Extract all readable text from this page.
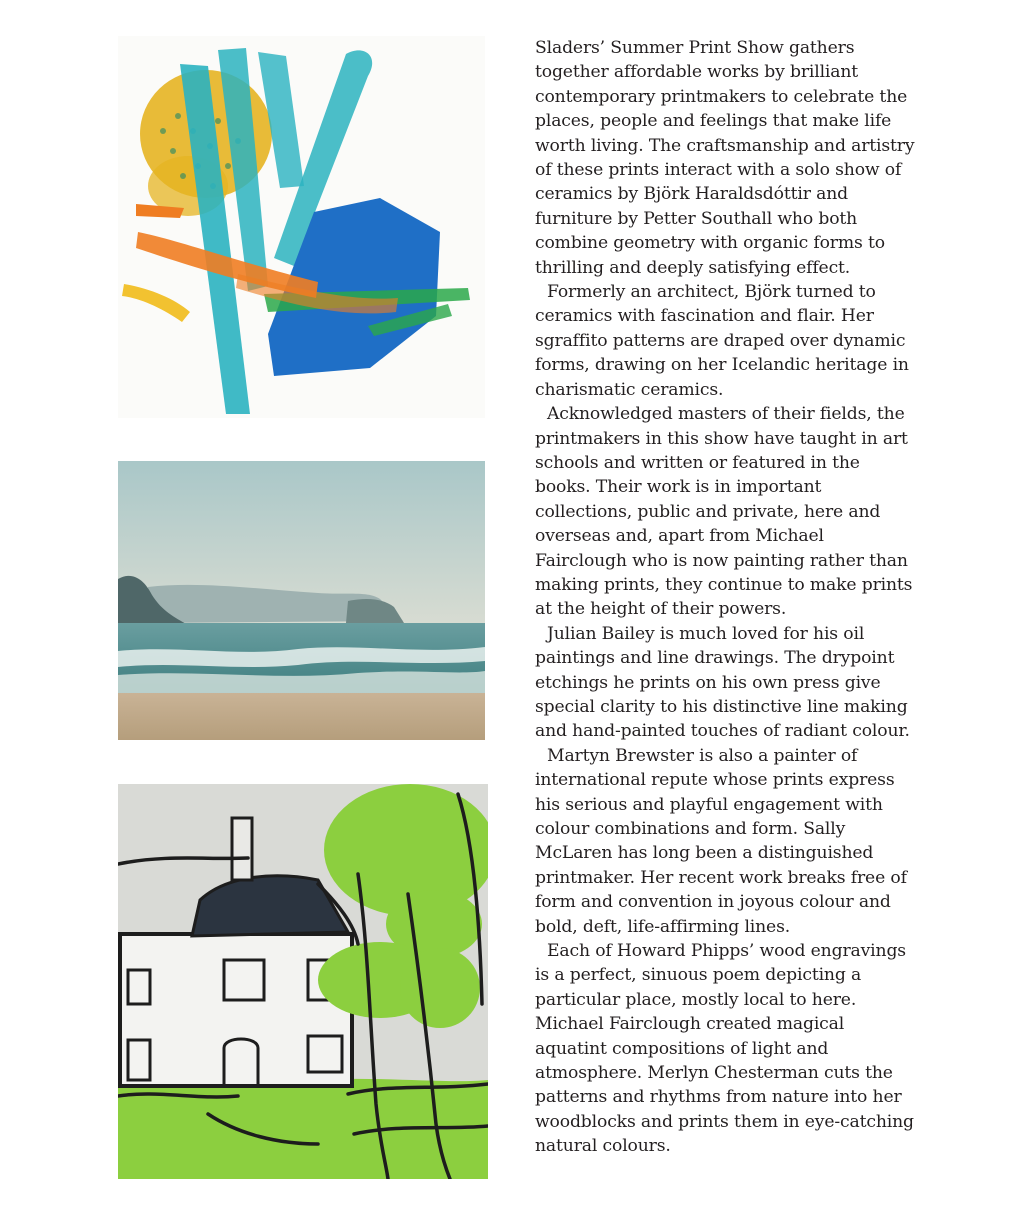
Sladers’ Summer Print Show gathers together affordable works by brilliant contemporary printmakers to celebrate the places, people and feelings that make life worth living. The craftsmanship and artistry of these prints interact with a solo show of ceramics by Björk Haraldsdóttir and furniture by Petter Southall who both combine geometry with organic forms to thrilling and deeply satisfying effect.

Formerly an architect, Björk turned to ceramics with fascination and flair. Her sgraffito patterns are draped over dynamic forms, drawing on her Icelandic heritage in charismatic ceramics.

Acknowledged masters of their fields, the printmakers in this show have taught in art schools and written or featured in the books. Their work is in important collections, public and private, here and overseas and, apart from Michael Fairclough who is now painting rather than making prints, they continue to make prints at the height of their powers.

Julian Bailey is much loved for his oil paintings and line drawings. The drypoint etchings he prints on his own press give special clarity to his distinctive line making and hand-painted touches of radiant colour.

Martyn Brewster is also a painter of international repute whose prints express his serious and playful engagement with colour combinations and form. Sally McLaren has long been a distinguished printmaker. Her recent work breaks free of form and convention in joyous colour and bold, deft, life-affirming lines.

Each of Howard Phipps’ wood engravings is a perfect, sinuous poem depicting a particular place, mostly local to here. Michael Fairclough created magical aquatint compositions of light and atmosphere. Merlyn Chesterman cuts the patterns and rhythms from nature into her woodblocks and prints them in eye-catching natural colours.
